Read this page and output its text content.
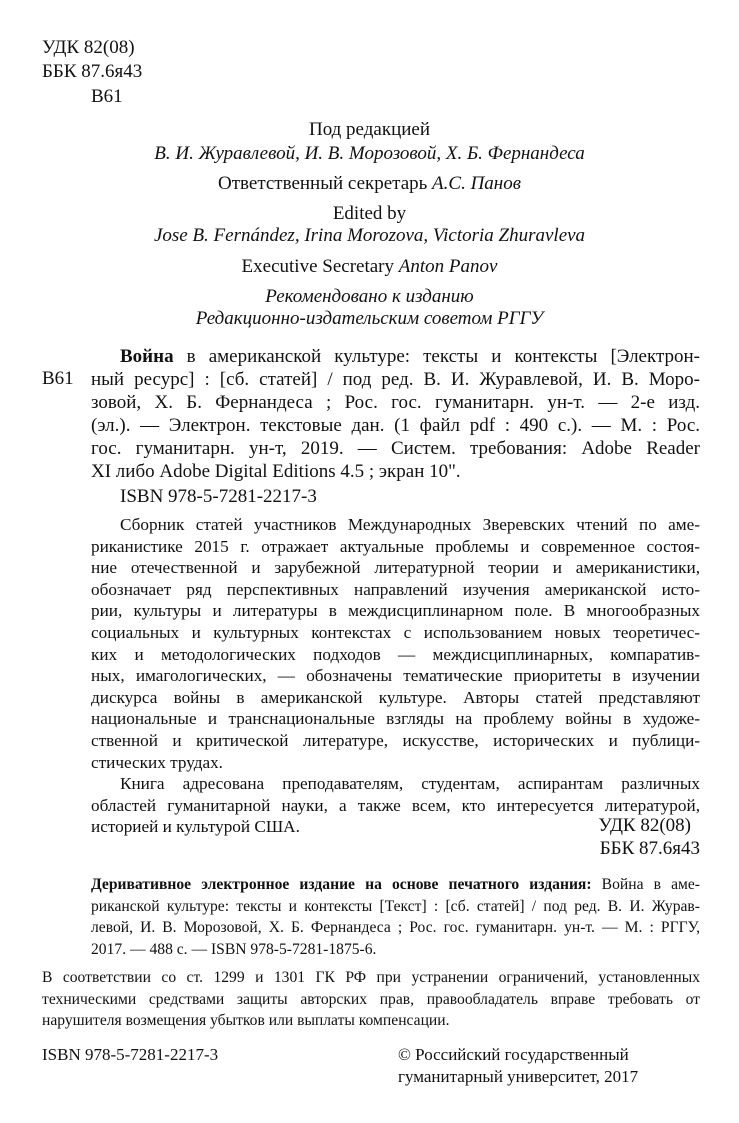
УДК 82(08)
ББК 87.6я43
В61
Под редакцией
В. И. Журавлевой, И. В. Морозовой, Х. Б. Фернандеса
Ответственный секретарь А.С. Панов
Edited by
Jose B. Fernández, Irina Morozova, Victoria Zhuravleva
Executive Secretary Anton Panov
Рекомендовано к изданию
Редакционно-издательским советом РГГУ
В61
Война в американской культуре: тексты и контексты [Электрон-
ный ресурс] : [сб. статей] / под ред. В. И. Журавлевой, И. В. Моро-
зовой, Х. Б. Фернандеса ; Рос. гос. гуманитарн. ун-т. — 2-е изд.
(эл.). — Электрон. текстовые дан. (1 файл pdf : 490 с.). — М. : Рос.
гос. гуманитарн. ун-т, 2019. — Систем. требования: Adobe Reader
XI либо Adobe Digital Editions 4.5 ; экран 10".
ISBN 978-5-7281-2217-3
Сборник статей участников Международных Зверевских чтений по аме-
риканистике 2015 г. отражает актуальные проблемы и современное состоя-
ние отечественной и зарубежной литературной теории и американистики,
обозначает ряд перспективных направлений изучения американской исто-
рии, культуры и литературы в междисциплинарном поле. В многообразных
социальных и культурных контекстах с использованием новых теоретичес-
ких и методологических подходов — междисциплинарных, компаратив-
ных, имагологических, — обозначены тематические приоритеты в изучении
дискурса войны в американской культуре. Авторы статей представляют
национальные и транснациональные взгляды на проблему войны в художе-
ственной и критической литературе, искусстве, исторических и публици-
стических трудах.
Книга адресована преподавателям, студентам, аспирантам различных
областей гуманитарной науки, а также всем, кто интересуется литературой,
историей и культурой США.	УДК 82(08)
ББК 87.6я43
Деривативное электронное издание на основе печатного издания: Война в аме-
риканской культуре: тексты и контексты [Текст] : [сб. статей] / под ред. В. И. Журав-
левой, И. В. Морозовой, Х. Б. Фернандеса ; Рос. гос. гуманитарн. ун-т. — М. : РГГУ,
2017. — 488 с. — ISBN 978-5-7281-1875-6.
В соответствии со ст. 1299 и 1301 ГК РФ при устранении ограничений, установленных
техническими средствами защиты авторских прав, правообладатель вправе требовать от
нарушителя возмещения убытков или выплаты компенсации.
ISBN 978-5-7281-2217-3	© Российский государственный
гуманитарный университет, 2017
